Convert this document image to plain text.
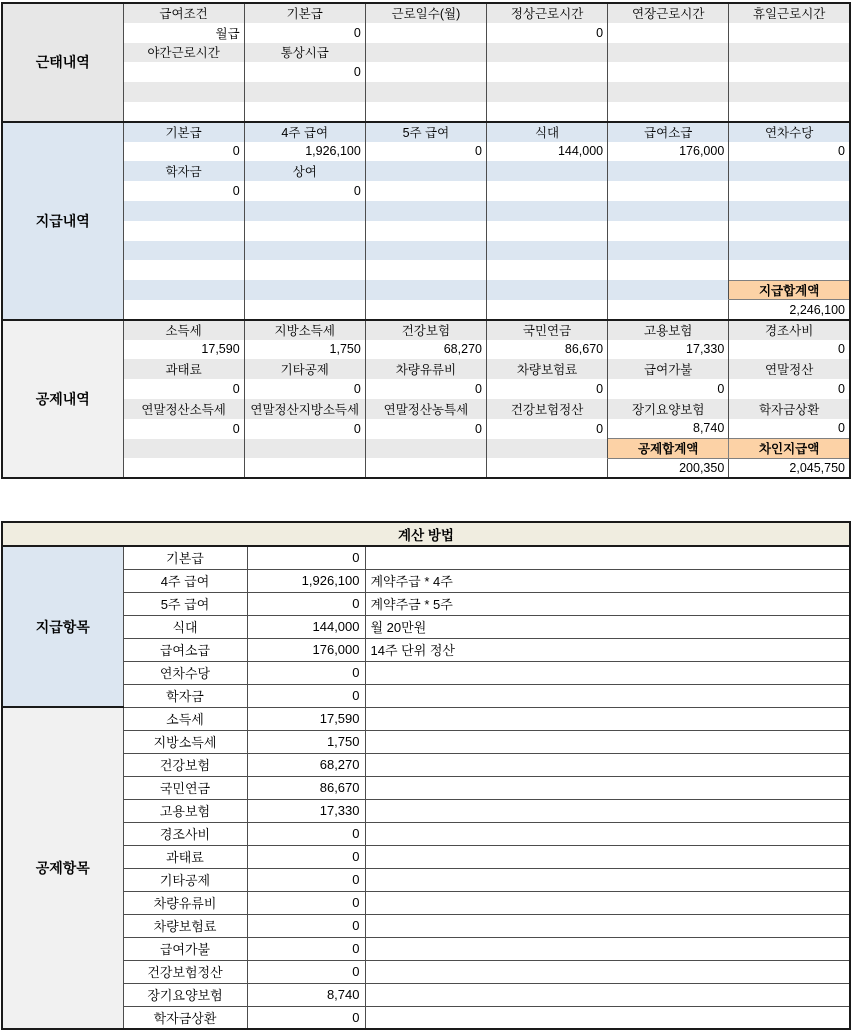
근태내역	급여조건	기본급	근로일수(월)	정상근로시간	연장근로시간	휴일근로시간
	월급	0		0		
	야간근로시간	통상시급				
		0				

지급내역	기본급	4주 급여	5주 급여	식대	급여소급	연차수당
	0	1,926,100	0	144,000	176,000	0
	학자금	상여				
	0	0				

						지급합계액
						2,246,100
공제내역	소득세	지방소득세	건강보험	국민연금	고용보험	경조사비
	17,590	1,750	68,270	86,670	17,330	0
	과태료	기타공제	차량유류비	차량보험료	급여가불	연말정산
	0	0	0	0	0	0
	연말정산소득세	연말정산지방소득세	연말정산농특세	건강보험정산	장기요양보험	학자금상환
	0	0	0	0	8,740	0
					공제합계액	차인지급액
					200,350	2,045,750
계산 방법			
지급항목	기본급	0	
	4주 급여	1,926,100	계약주급 * 4주
	5주 급여	0	계약주금 * 5주
	식대	144,000	월 20만원
	급여소급	176,000	14주 단위 정산
	연차수당	0	
	학자금	0	
공제항목	소득세	17,590	
	지방소득세	1,750	
	건강보험	68,270	
	국민연금	86,670	
	고용보험	17,330	
	경조사비	0	
	과태료	0	
	기타공제	0	
	차량유류비	0	
	차량보험료	0	
	급여가불	0	
	건강보험정산	0	
	장기요양보험	8,740	
	학자금상환	0	
